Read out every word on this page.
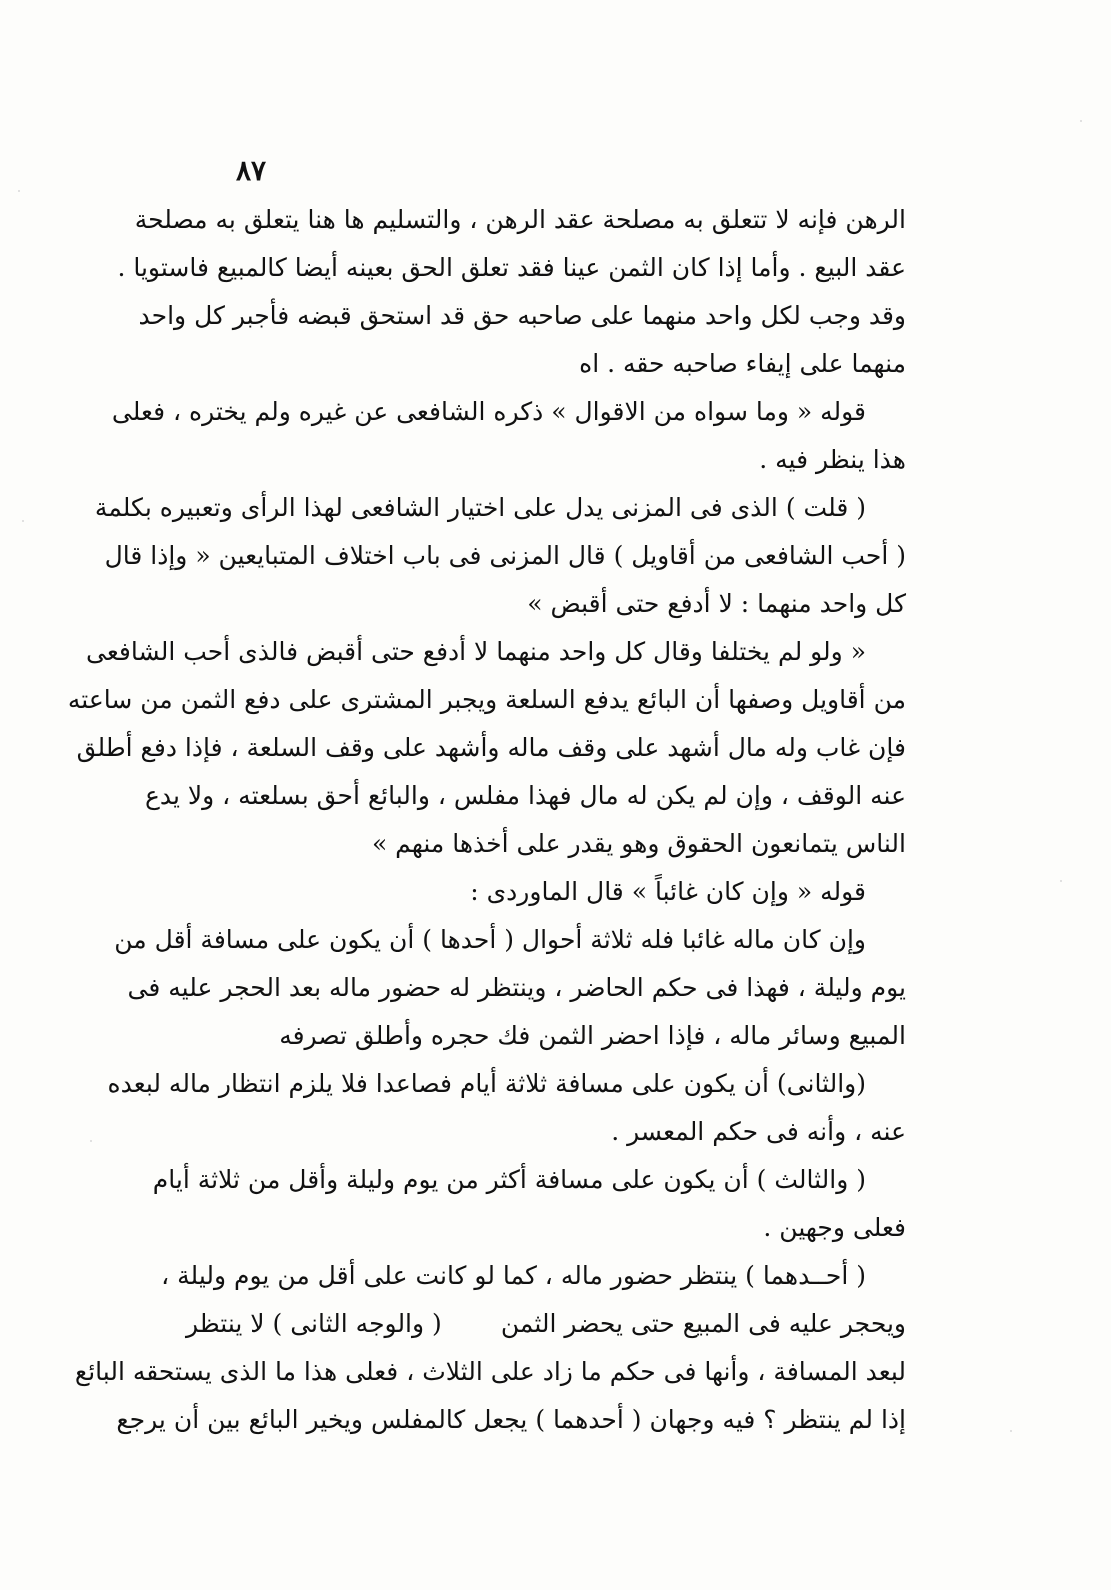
٨٧
الرهن فإنه لا تتعلق به مصلحة عقد الرهن ، والتسليم ها هنا يتعلق به مصلحة
عقد البيع . وأما إذا كان الثمن عينا فقد تعلق الحق بعينه أيضا كالمبيع فاستويا .
وقد وجب لكل واحد منهما على صاحبه حق قد استحق قبضه فأجبر كل واحد
منهما على إيفاء صاحبه حقه . اه
قوله « وما سواه من الاقوال » ذكره الشافعى عن غيره ولم يختره ، فعلى
هذا ينظر فيه .
( قلت ) الذى فى المزنى يدل على اختيار الشافعى لهذا الرأى وتعبيره بكلمة
( أحب الشافعى من أقاويل ) قال المزنى فى باب اختلاف المتبايعين « وإذا قال
كل واحد منهما : لا أدفع حتى أقبض »
« ولو لم يختلفا وقال كل واحد منهما لا أدفع حتى أقبض فالذى أحب الشافعى
من أقاويل وصفها أن البائع يدفع السلعة ويجبر المشترى على دفع الثمن من ساعته
فإن غاب وله مال أشهد على وقف ماله وأشهد على وقف السلعة ، فإذا دفع أطلق
عنه الوقف ، وإن لم يكن له مال فهذا مفلس ، والبائع أحق بسلعته ، ولا يدع
الناس يتمانعون الحقوق وهو يقدر على أخذها منهم »
قوله « وإن كان غائباً » قال الماوردى :
وإن كان ماله غائبا فله ثلاثة أحوال ( أحدها ) أن يكون على مسافة أقل من
يوم وليلة ، فهذا فى حكم الحاضر ، وينتظر له حضور ماله بعد الحجر عليه فى
المبيع وسائر ماله ، فإذا احضر الثمن فك حجره وأطلق تصرفه
(والثانى) أن يكون على مسافة ثلاثة أيام فصاعدا فلا يلزم انتظار ماله لبعده
عنه ، وأنه فى حكم المعسر .
( والثالث ) أن يكون على مسافة أكثر من يوم وليلة وأقل من ثلاثة أيام
فعلى وجهين .
( أحــدهما ) ينتظر حضور ماله ، كما لو كانت على أقل من يوم وليلة ،
ويحجر عليه فى المبيع حتى يحضر الثمن
( والوجه الثانى ) لا ينتظر
لبعد المسافة ، وأنها فى حكم ما زاد على الثلاث ، فعلى هذا ما الذى يستحقه البائع
إذا لم ينتظر ؟ فيه وجهان ( أحدهما ) يجعل كالمفلس ويخير البائع بين أن يرجع
